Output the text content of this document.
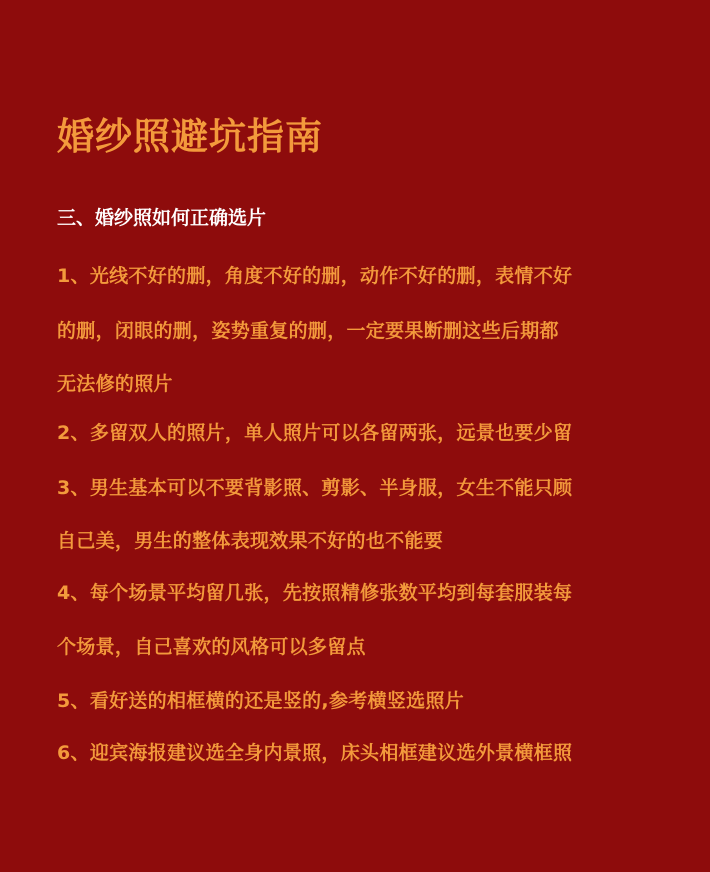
婚纱照避坑指南
三、婚纱照如何正确选片
1、光线不好的删，角度不好的删，动作不好的删，表情不好
的删，闭眼的删，姿势重复的删，一定要果断删这些后期都
无法修的照片
2、多留双人的照片，单人照片可以各留两张，远景也要少留
3、男生基本可以不要背影照、剪影、半身服，女生不能只顾
自己美，男生的整体表现效果不好的也不能要
4、每个场景平均留几张，先按照精修张数平均到每套服装每
个场景，自己喜欢的风格可以多留点
5、看好送的相框横的还是竖的,参考横竖选照片
6、迎宾海报建议选全身内景照，床头相框建议选外景横框照
